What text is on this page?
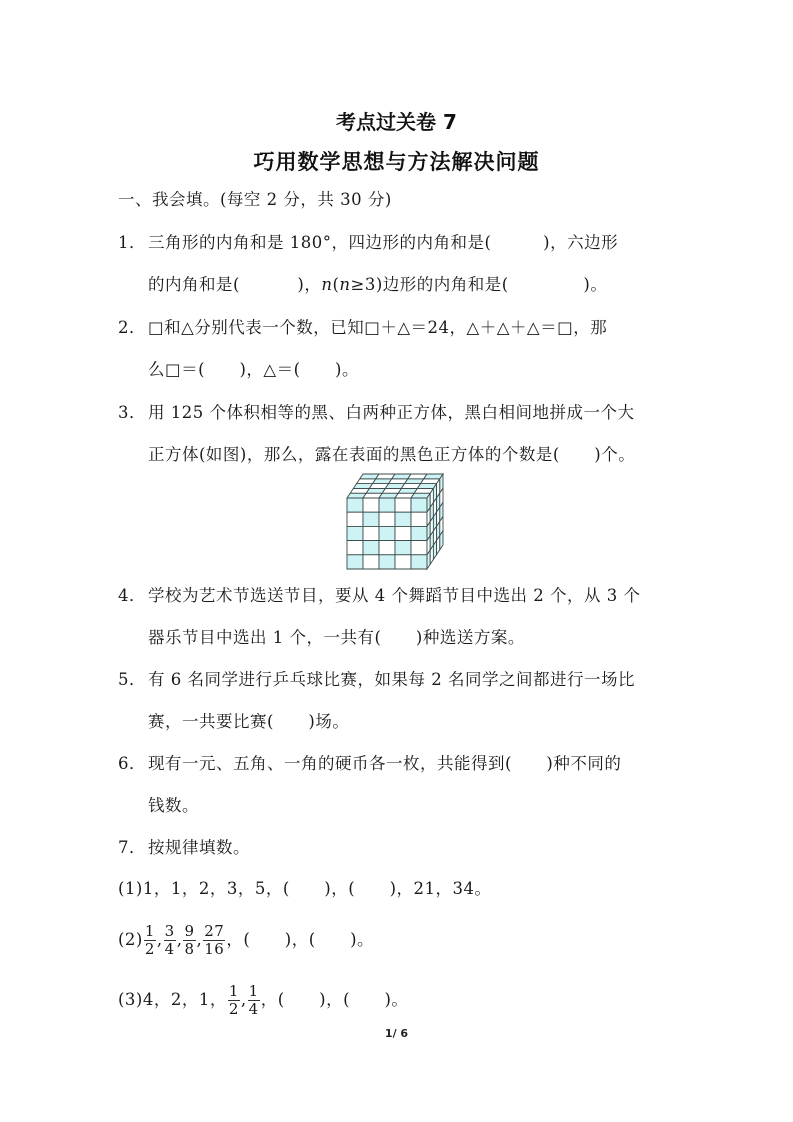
考点过关卷 7
巧用数学思想与方法解决问题
一、我会填。(每空 2 分，共 30 分)
1． 三角形的内角和是 180°，四边形的内角和是(         )，六边形
的内角和是(          )，n(n≥3)边形的内角和是(             )。
2． □和△分别代表一个数，已知□＋△＝24，△＋△＋△＝□，那
么□＝(      )，△＝(      )。
3． 用 125 个体积相等的黑、白两种正方体，黑白相间地拼成一个大
正方体(如图)，那么，露在表面的黑色正方体的个数是(      )个。
4． 学校为艺术节选送节目，要从 4 个舞蹈节目中选出 2 个，从 3 个
器乐节目中选出 1 个，一共有(      )种选送方案。
5． 有 6 名同学进行乒乓球比赛，如果每 2 名同学之间都进行一场比
赛，一共要比赛(      )场。
6． 现有一元、五角、一角的硬币各一枚，共能得到(      )种不同的
钱数。
7． 按规律填数。
(1)1，1，2，3，5，(      )，(      )，21，34。
$(2) \frac{1}{2}$ , $\frac{3}{4}$ , $\frac{9}{8}$ , $\frac{27}{16}$ ，(      )，(      )。
(3)4，2，1， $\frac{1}{2}$ , $\frac{1}{4}$ ，(      )，(      )。
1/ 6
